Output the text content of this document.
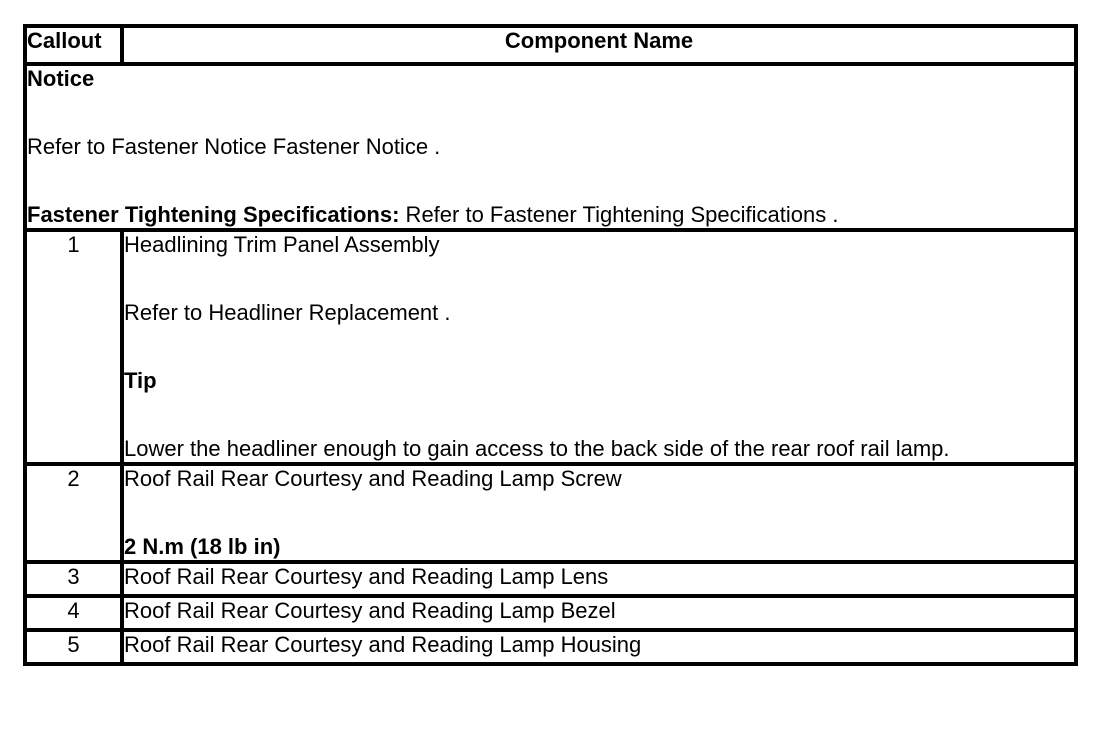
Callout	Component Name

Notice

Refer to Fastener Notice Fastener Notice .

Fastener Tightening Specifications: Refer to Fastener Tightening Specifications .	

1	Headlining Trim Panel Assembly

Refer to Headliner Replacement .

Tip

Lower the headliner enough to gain access to the back side of the rear roof rail lamp.

2	Roof Rail Rear Courtesy and Reading Lamp Screw

2 N.m (18 lb in)

3	Roof Rail Rear Courtesy and Reading Lamp Lens
4	Roof Rail Rear Courtesy and Reading Lamp Bezel
5	Roof Rail Rear Courtesy and Reading Lamp Housing
